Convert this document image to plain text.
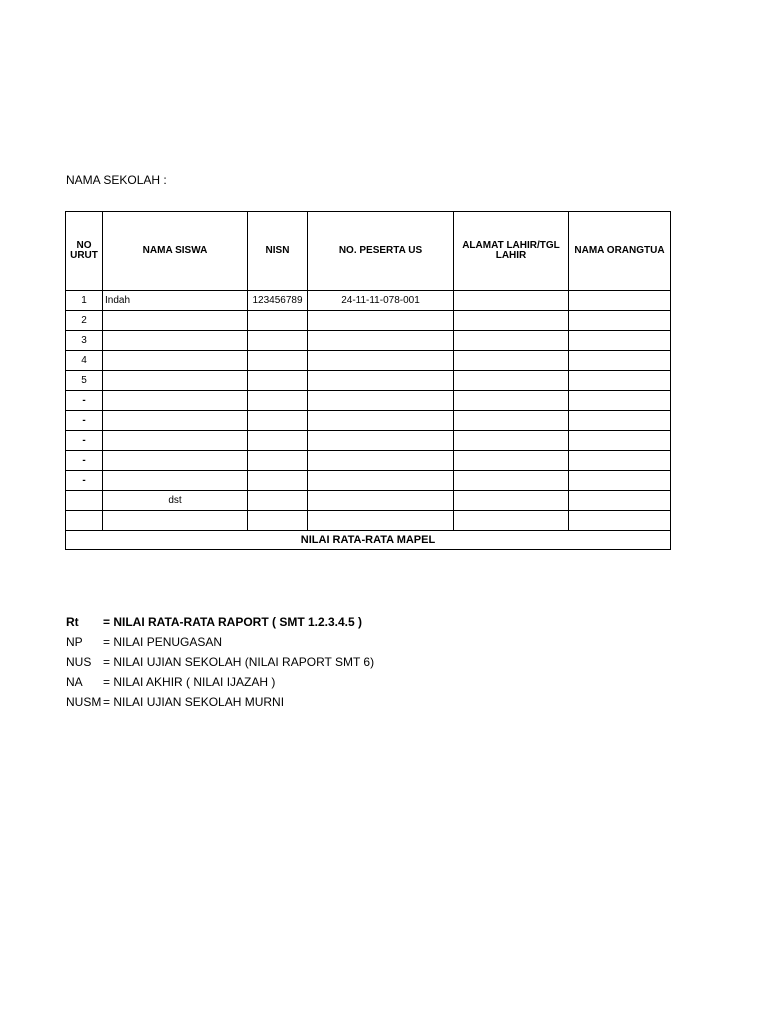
NAMA SEKOLAH :
NO URUT	NAMA SISWA	NISN	NO. PESERTA US	ALAMAT LAHIR/TGL LAHIR	NAMA ORANGTUA
1	Indah	123456789	24-11-11-078-001		
2					
3					
4					
5					
-					
-					
-					
-					
-					
	dst				

NILAI RATA-RATA MAPEL					
Rt	= NILAI RATA-RATA RAPORT ( SMT 1.2.3.4.5 )
NP	= NILAI PENUGASAN
NUS = NILAI UJIAN SEKOLAH (NILAI RAPORT SMT 6)
NA	= NILAI AKHIR ( NILAI IJAZAH )
NUSM = NILAI UJIAN SEKOLAH MURNI
